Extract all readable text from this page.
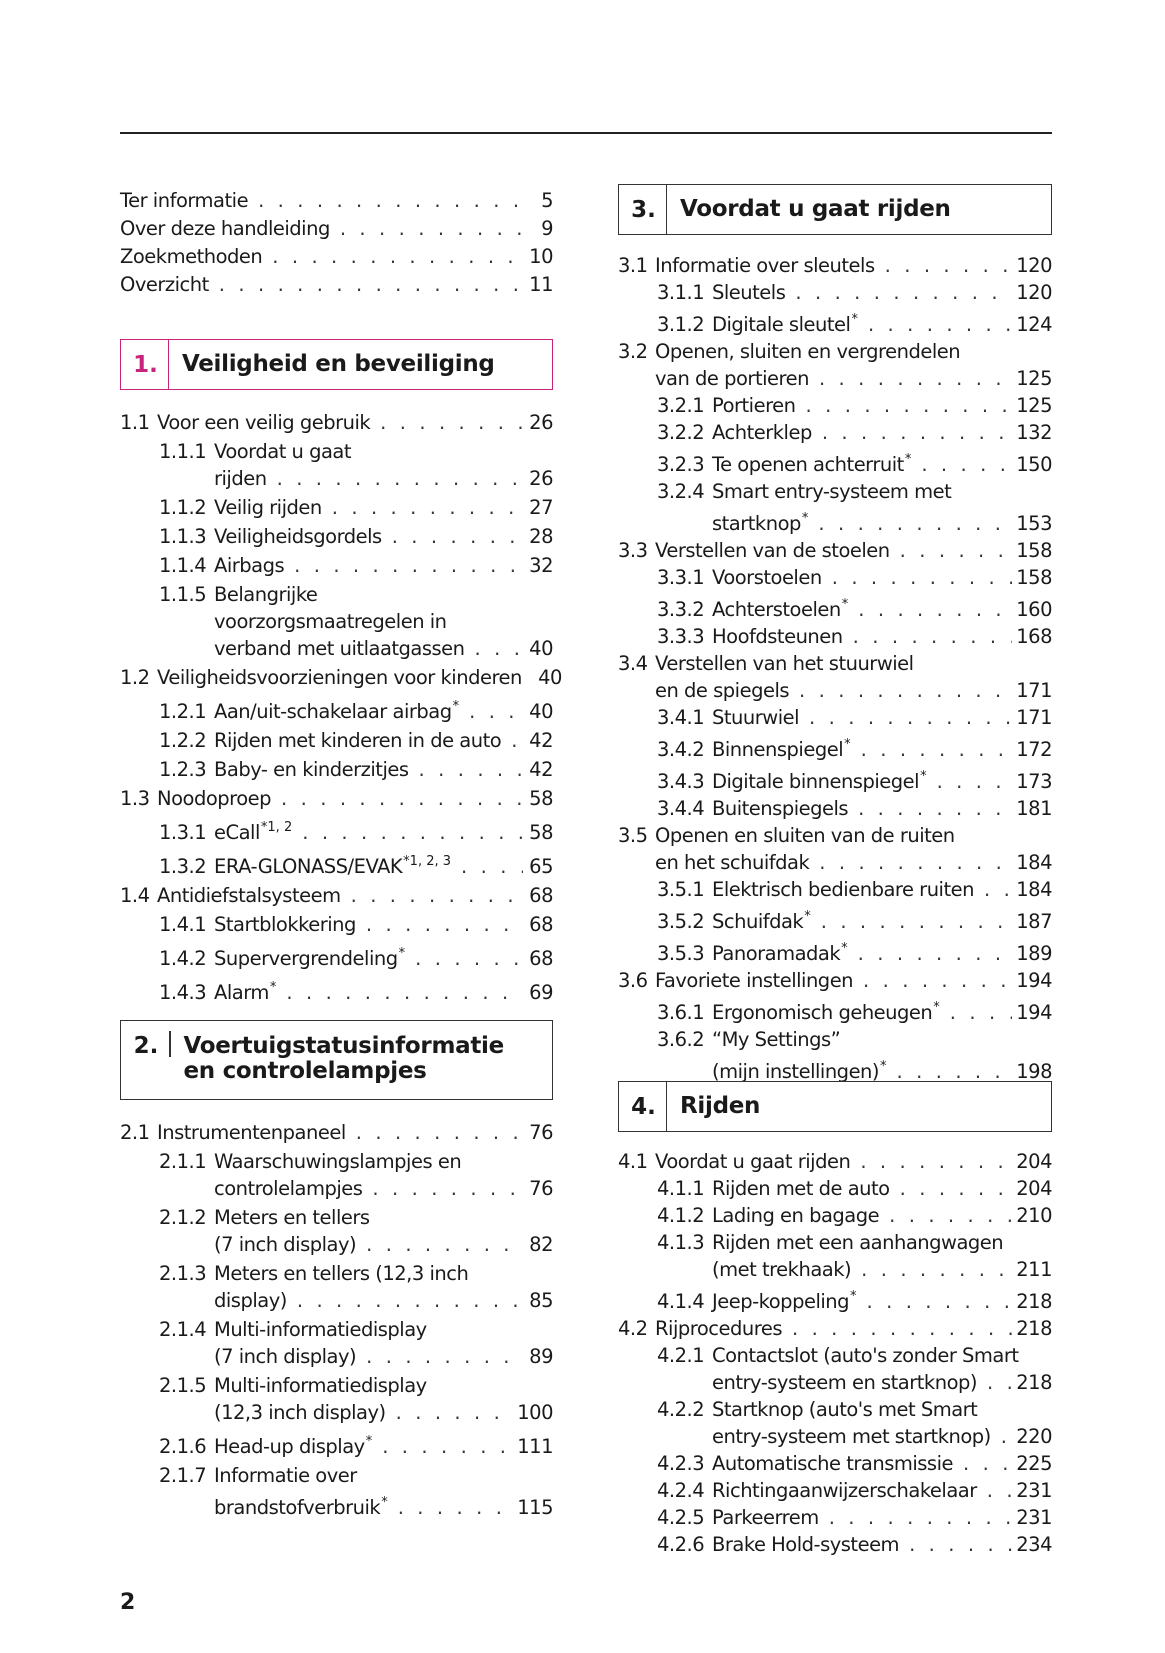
Ter informatie . . .	5
Over deze handleiding . . .	9
Zoekmethoden . . .	10
Overzicht . . .	11
1.	Veiligheid en beveiliging
1.1 Voor een veilig gebruik . . .	26
1.1.1 Voordat u gaat
rijden . . .	26
1.1.2 Veilig rijden . . .	27
1.1.3 Veiligheidsgordels . . .	28
1.1.4 Airbags . . .	32
1.1.5 Belangrijke
voorzorgsmaatregelen in
verband met uitlaatgassen . . .	40
1.2 Veiligheidsvoorzieningen voor kinderen 40
1.2.1 Aan/uit-schakelaar airbag* . . .	40
1.2.2 Rijden met kinderen in de auto . . . 42
1.2.3 Baby- en kinderzitjes . . .	42
1.3 Noodoproep . . .	58
1.3.1 eCall$^{*1, 2}$ . . .	58
1.3.2 ERA-GLONASS/EVAK$^{*1, 2, 3}$ . . .	65
1.4 Antidiefstalsysteem . . .	68
1.4.1 Startblokkering . . .	68
1.4.2 Supervergrendeling* . . .	68
1.4.3 Alarm* . . .	69
2.	Voertuigstatusinformatie en controlelampjes
2.1 Instrumentenpaneel . . .	76
2.1.1 Waarschuwingslampjes en
controlelampjes . . .	76
2.1.2 Meters en tellers
(7 inch display) . . .	82
2.1.3 Meters en tellers (12,3 inch
display) . . .	85
2.1.4 Multi-informatiedisplay
(7 inch display) . . .	89
2.1.5 Multi-informatiedisplay
(12,3 inch display) . . .	100
2.1.6 Head-up display* . . .	111
2.1.7 Informatie over
brandstofverbruik* . . .	115
3.	Voordat u gaat rijden
3.1 Informatie over sleutels . . .	120
3.1.1 Sleutels . . .	120
3.1.2 Digitale sleutel* . . .	124
3.2 Openen, sluiten en vergrendelen
van de portieren . . .	125
3.2.1 Portieren . . .	125
3.2.2 Achterklep . . .	132
3.2.3 Te openen achterruit* . . .	150
3.2.4 Smart entry-systeem met
startknop* . . .	153
3.3 Verstellen van de stoelen . . .	158
3.3.1 Voorstoelen . . .	158
3.3.2 Achterstoelen* . . .	160
3.3.3 Hoofdsteunen . . .	168
3.4 Verstellen van het stuurwiel
en de spiegels . . .	171
3.4.1 Stuurwiel . . .	171
3.4.2 Binnenspiegel* . . .	172
3.4.3 Digitale binnenspiegel* . . .	173
3.4.4 Buitenspiegels . . .	181
3.5 Openen en sluiten van de ruiten
en het schuifdak . . .	184
3.5.1 Elektrisch bedienbare ruiten . . . 184
3.5.2 Schuifdak* . . .	187
3.5.3 Panoramadak* . . .	189
3.6 Favoriete instellingen . . .	194
3.6.1 Ergonomisch geheugen* . . .	194
3.6.2 “My Settings”
(mijn instellingen)* . . .	198
4.	Rijden
4.1 Voordat u gaat rijden . . .	204
4.1.1 Rijden met de auto . . .	204
4.1.2 Lading en bagage . . .	210
4.1.3 Rijden met een aanhangwagen
(met trekhaak) . . .	211
4.1.4 Jeep-koppeling* . . .	218
4.2 Rijprocedures . . .	218
4.2.1 Contactslot (auto's zonder Smart
entry-systeem en startknop) . . . 218
4.2.2 Startknop (auto's met Smart
entry-systeem met startknop) . . . 220
4.2.3 Automatische transmissie . . .	225
4.2.4 Richtingaanwijzerschakelaar . . . 231
4.2.5 Parkeerrem . . .	231
4.2.6 Brake Hold-systeem . . .	234
2
